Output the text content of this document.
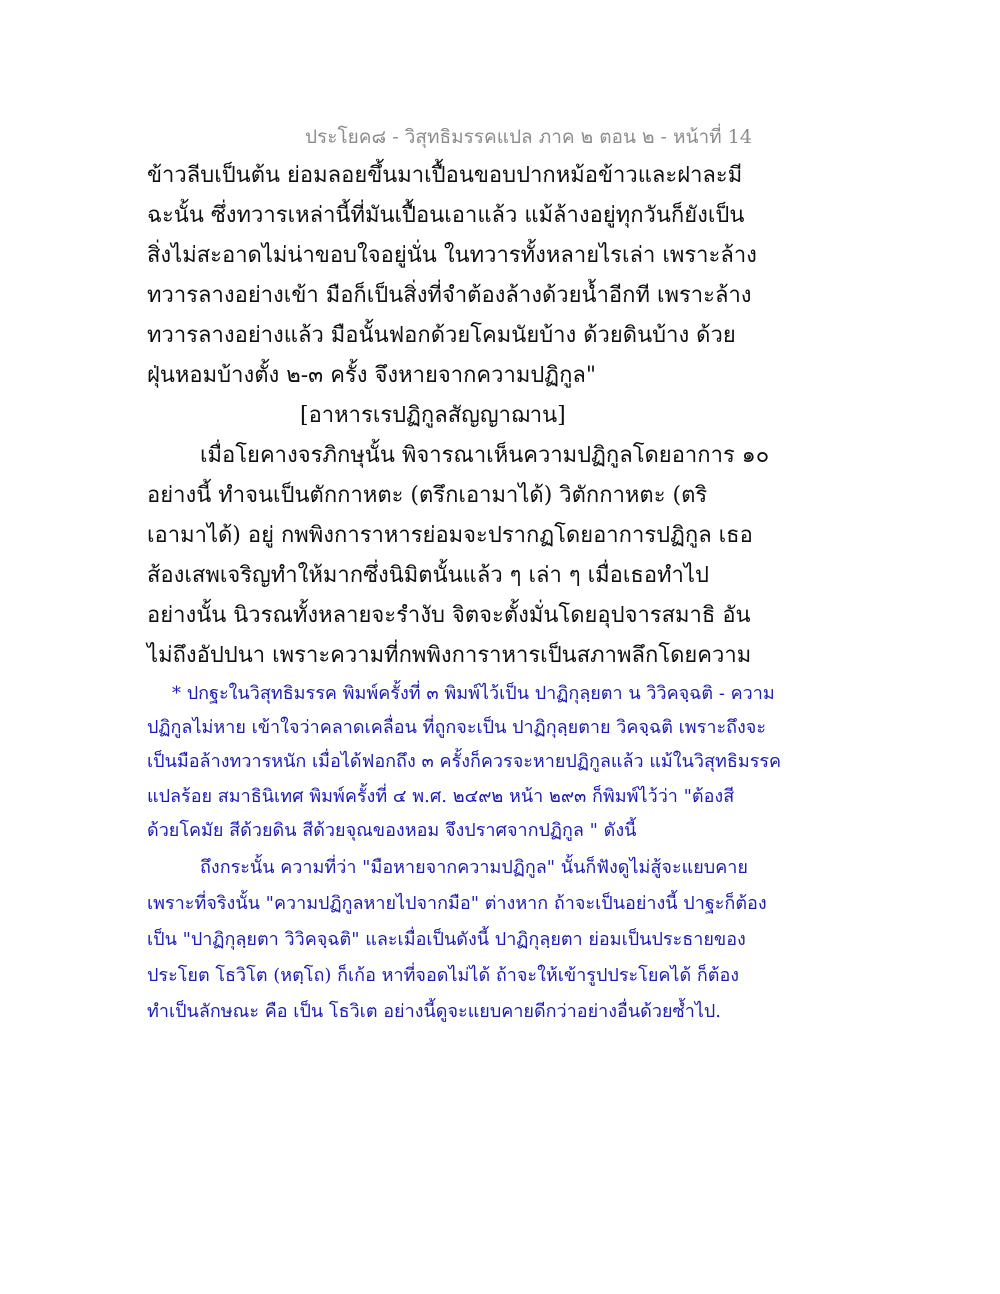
ประโยค๘ - วิสุทธิมรรคแปล ภาค ๒ ตอน ๒ - หน้าที่ 14

ข้าวลีบเป็นต้น ย่อมลอยขึ้นมาเปื้อนขอบปากหม้อข้าวและฝาละมี

ฉะนั้น ซึ่งทวารเหล่านี้ที่มันเปื้อนเอาแล้ว แม้ล้างอยู่ทุกวันก็ยังเป็น

สิ่งไม่สะอาดไม่น่าขอบใจอยู่นั่น ในทวารทั้งหลายไรเล่า เพราะล้าง

ทวารลางอย่างเข้า มือก็เป็นสิ่งที่จำต้องล้างด้วยน้ำอีกที เพราะล้าง

ทวารลางอย่างแล้ว มือนั้นฟอกด้วยโคมนัยบ้าง ด้วยดินบ้าง ด้วย

ฝุ่นหอมบ้างตั้ง ๒-๓ ครั้ง จึงหายจากความปฏิกูล"

[อาหารเรปฏิกูลสัญญาฌาน]

เมื่อโยคางจรภิกษุนั้น พิจารณาเห็นความปฏิกูลโดยอาการ ๑๐

อย่างนี้ ทำจนเป็นตักกาหตะ (ตรึกเอามาได้) วิตักกาหตะ (ตริ

เอามาได้) อยู่ กพพิงการาหารย่อมจะปรากฏโดยอาการปฏิกูล เธอ

ส้องเสพเจริญทำให้มากซึ่งนิมิตนั้นแล้ว ๆ เล่า ๆ เมื่อเธอทำไป

อย่างนั้น นิวรณทั้งหลายจะรำงับ จิตจะตั้งมั่นโดยอุปจารสมาธิ อัน

ไม่ถึงอัปปนา เพราะความที่กพพิงการาหารเป็นสภาพลึกโดยความ

* ปกฐะในวิสุทธิมรรค พิมพ์ครั้งที่ ๓ พิมพ์ไว้เป็น ปาฏิกุลฺยตา น วิวิคจฺฉติ - ความ

ปฏิกูลไม่หาย เข้าใจว่าคลาดเคลื่อน ที่ถูกจะเป็น ปาฏิกุลฺยตาย วิคจฺฉติ เพราะถึงจะ

เป็นมือล้างทวารหนัก เมื่อได้ฟอกถึง ๓ ครั้งก็ควรจะหายปฏิกูลแล้ว แม้ในวิสุทธิมรรค

แปลร้อย สมาธินิเทศ พิมพ์ครั้งที่ ๔ พ.ศ. ๒๔๙๒ หน้า ๒๙๓ ก็พิมพ์ไว้ว่า "ต้องสี

ด้วยโคมัย สีด้วยดิน สีด้วยจุณของหอม จึงปราศจากปฏิกูล " ดังนี้

ถึงกระนั้น ความที่ว่า "มือหายจากความปฏิกูล" นั้นก็ฟังดูไม่สู้จะแยบคาย

เพราะที่จริงนั้น "ความปฏิกูลหายไปจากมือ" ต่างหาก ถ้าจะเป็นอย่างนี้ ปาฐะก็ต้อง

เป็น "ปาฏิกุลฺยตา วิวิคจฺฉติ" และเมื่อเป็นดังนี้ ปาฏิกุลฺยตา ย่อมเป็นประธายของ

ประโยต โธวิโต (หตฺโถ) ก็เก้อ หาที่จอดไม่ได้ ถ้าจะให้เข้ารูปประโยคได้ ก็ต้อง

ทำเป็นลักษณะ คือ เป็น โธวิเต อย่างนี้ดูจะแยบคายดีกว่าอย่างอื่นด้วยซ้ำไป.
